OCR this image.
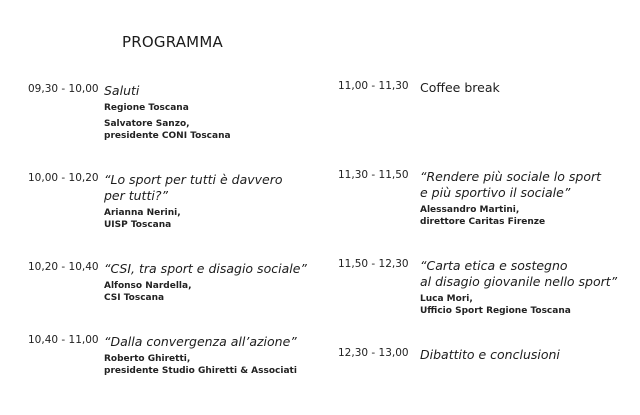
PROGRAMMA
09,30 - 10,00 Saluti
Regione Toscana
Salvatore Sanzo,
presidente CONI Toscana
10,00 - 10,20 “Lo sport per tutti è davvero
per tutti?”
Arianna Nerini,
UISP Toscana
10,20 - 10,40 “CSI, tra sport e disagio sociale”
Alfonso Nardella,
CSI Toscana
10,40 - 11,00 “Dalla convergenza all’azione”
Roberto Ghiretti,
presidente Studio Ghiretti & Associati
11,00 - 11,30 Coffee break
11,30 - 11,50 “Rendere più sociale lo sport
e più sportivo il sociale”
Alessandro Martini,
direttore Caritas Firenze
11,50 - 12,30 “Carta etica e sostegno
al disagio giovanile nello sport”
Luca Mori,
Ufficio Sport Regione Toscana
12,30 - 13,00 Dibattito e conclusioni
